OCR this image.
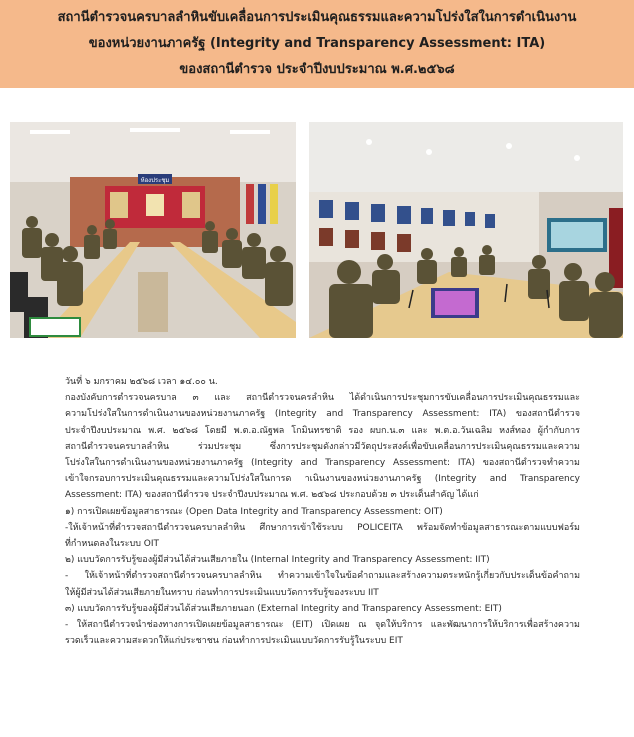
สถานีตำรวจนครบาลลำหินขับเคลื่อนการประเมินคุณธรรมและความโปร่งใสในการดำเนินงาน
ของหน่วยงานภาครัฐ (Integrity and Transparency Assessment: ITA)
ของสถานีตำรวจ ประจำปีงบประมาณ พ.ศ.๒๕๖๘
ห้องประชุม

วันที่ ๖ มกราคม ๒๕๖๘ เวลา ๑๔.๐๐ น.

กองบังคับการตำรวจนครบาล ๓ และ สถานีตำรวจนครลำหิน ได้ดำเนินการประชุมการขับเคลื่อนการประเมินคุณธรรมและ

ความโปร่งใสในการดำเนินงานของหน่วยงานภาครัฐ (Integrity and Transparency Assessment: ITA) ของสถานีตำรวจ

ประจำปีงบประมาณ พ.ศ. ๒๕๖๘ โดยมี พ.ต.อ.ณัฐพล โกมินทรชาติ รอง ผบก.น.๓ และ พ.ต.อ.วันเฉลิม หงส์ทอง ผู้กำกับการ

สถานีตำรวจนครบาลลำหิน ร่วมประชุม ซึ่งการประชุมดังกล่าวมีวัตถุประสงค์เพื่อขับเคลื่อนการประเมินคุณธรรมและความ

โปร่งใสในการดำเนินงานของหน่วยงานภาครัฐ (Integrity and Transparency Assessment: ITA) ของสถานีตำรวจทำความ

เข้าใจกรอบการประเมินคุณธรรมและความโปร่งใสในการด าเนินงานของหน่วยงานภาครัฐ (Integrity and Transparency

Assessment: ITA) ของสถานีตำรวจ ประจำปีงบประมาณ พ.ศ. ๒๕๖๘ ประกอบด้วย ๓ ประเด็นสำคัญ ได้แก่

๑) การเปิดเผยข้อมูลสาธารณะ (Open Data Integrity and Transparency Assessment: OIT)

-ให้เจ้าหน้าที่ตำรวจสถานีตำรวจนครบาลลำหิน ศึกษาการเข้าใช้ระบบ POLICEITA พร้อมจัดทำข้อมูลสาธารณะตามแบบฟอร์ม

ที่กำหนดลงในระบบ OIT

๒) แบบวัดการรับรู้ของผู้มีส่วนได้ส่วนเสียภายใน (Internal Integrity and Transparency Assessment: IIT)

- ให้เจ้าหน้าที่ตำรวจสถานีตำรวจนครบาลลำหิน ทำความเข้าใจในข้อคำถามและสร้างความตระหนักรู้เกี่ยวกับประเด็นข้อคำถาม

ให้ผู้มีส่วนได้ส่วนเสียภายในทราบ ก่อนทำการประเมินแบบวัดการรับรู้ของระบบ IIT

๓) แบบวัดการรับรู้ของผู้มีส่วนได้ส่วนเสียภายนอก (External Integrity and Transparency Assessment: EIT)

- ให้สถานีตำรวจนำช่องทางการเปิดเผยข้อมูลสาธารณะ (EIT) เปิดเผย ณ จุดให้บริการ และพัฒนาการให้บริการเพื่อสร้างความ

รวดเร็วและความสะดวกให้แก่ประชาชน ก่อนทำการประเมินแบบวัดการรับรู้ในระบบ EIT
